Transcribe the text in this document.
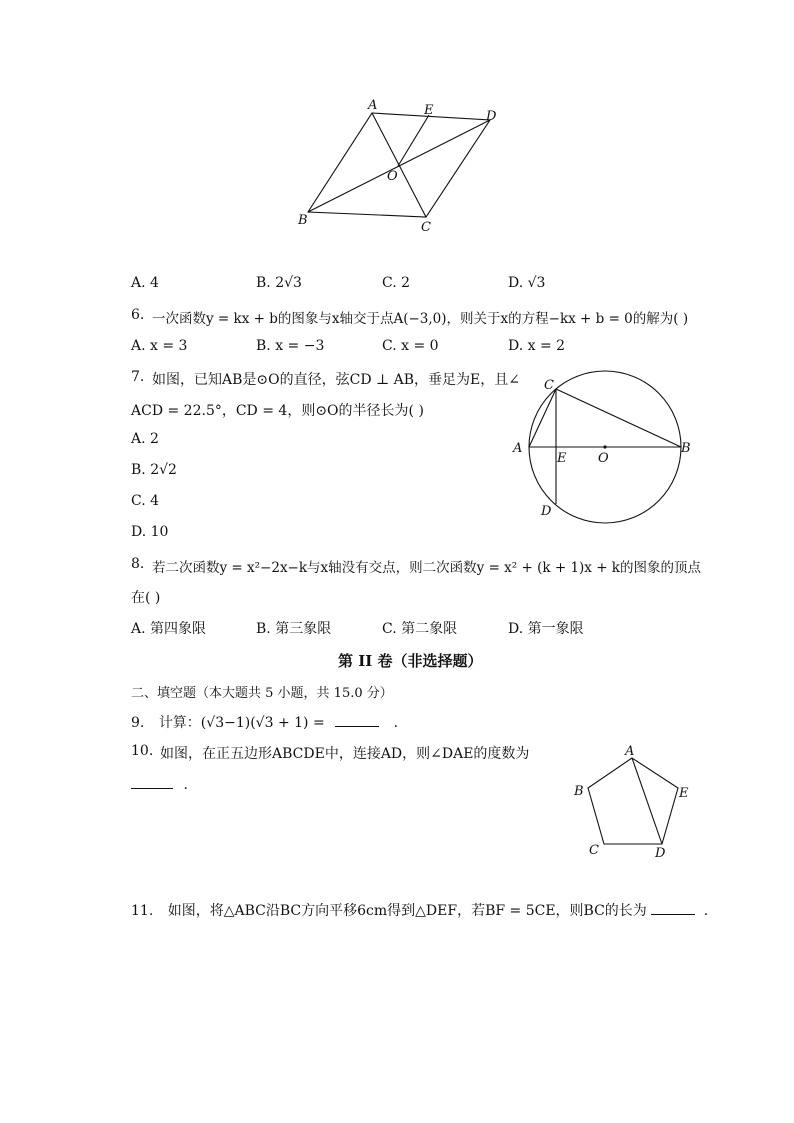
A	E	D
O
B	C
A. 4	B. 2√3	C. 2	D. √3
6. 一次函数y = kx + b的图象与x轴交于点A(−3,0)，则关于x的方程−kx + b = 0的解为( )
A. x = 3	B. x = −3	C. x = 0	D. x = 2
7. 如图，已知AB是⊙O的直径，弦CD ⊥ AB，垂足为E，且∠
ACD = 22.5°，CD = 4，则⊙O的半径长为( )
A. 2
B. 2√2
C. 4
D. 10
C
A
E O
B
D
8. 若二次函数y = x²−2x−k与x轴没有交点，则二次函数y = x² + (k + 1)x + k的图象的顶点
在( )
A. 第四象限	B. 第三象限	C. 第二象限	D. 第一象限
第 II 卷（非选择题）
二、填空题（本大题共 5 小题，共 15.0 分）
9. 计算：(√3−1)(√3 + 1) =	.
10. 如图，在正五边形ABCDE中，连接AD，则∠DAE的度数为
.
A
B	E
C	D
11. 如图，将△ABC沿BC方向平移6cm得到△DEF，若BF = 5CE，则BC的长为	.
